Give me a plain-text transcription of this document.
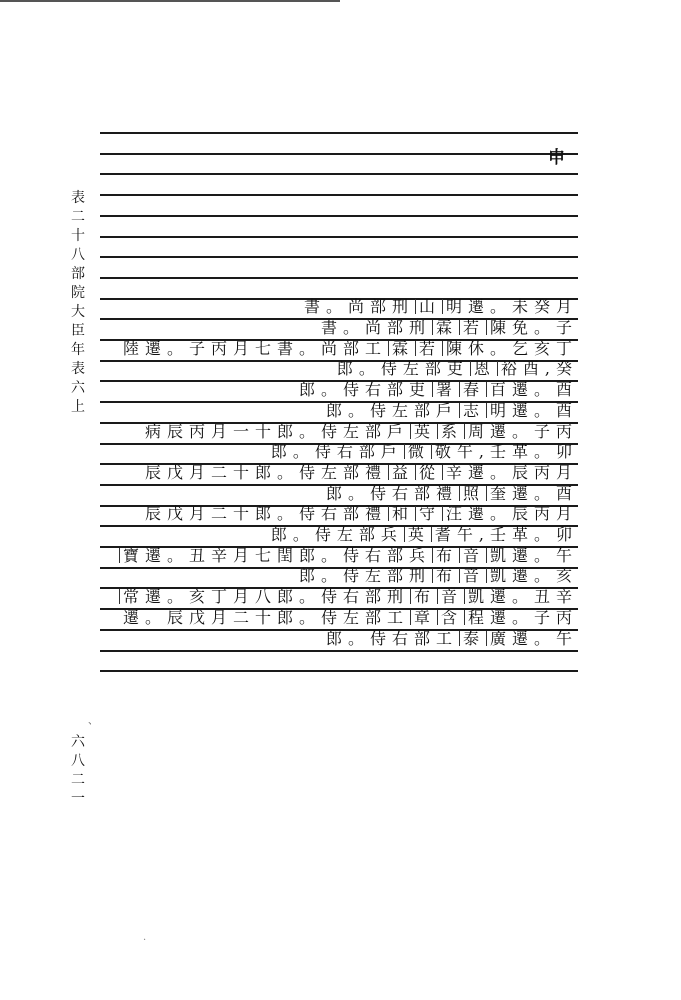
表二十八 部院大臣年表六上
六八二一
申
書。尚部刑 山 明遷。未癸月
書。尚部刑 霖 若 陳免。子
陸遷。子丙月七書。尚部工 霖 若 陳休。乞亥丁
郎。侍左部吏 恩 裕酉,癸
郎。侍右部吏 署 春 百遷。酉
郎。侍左部戶 志 明遷。酉
病辰丙月一十郎。侍左部戶 英 系 周遷。子丙
郎。侍右部戶 微 敬午,壬革。卯
辰戊月二十郎。侍左部禮 益 從 辛遷。辰丙月
郎。侍右部禮 照 奎遷。酉
辰戊月二十郎。侍右部禮 和 守 汪遷。辰丙月
郎。侍左部兵 英 耆午,壬革。卯
寶遷。丑辛月七閏郎。侍右部兵 布 音 凱遷。午
郎。侍左部刑 布 音 凱遷。亥
常遷。亥丁月八郎。侍右部刑 布 音 凱遷。丑辛
遷。辰戊月二十郎。侍左部工 章 含 程遷。子丙
郎。侍右部工 泰 廣遷。午
、
·
